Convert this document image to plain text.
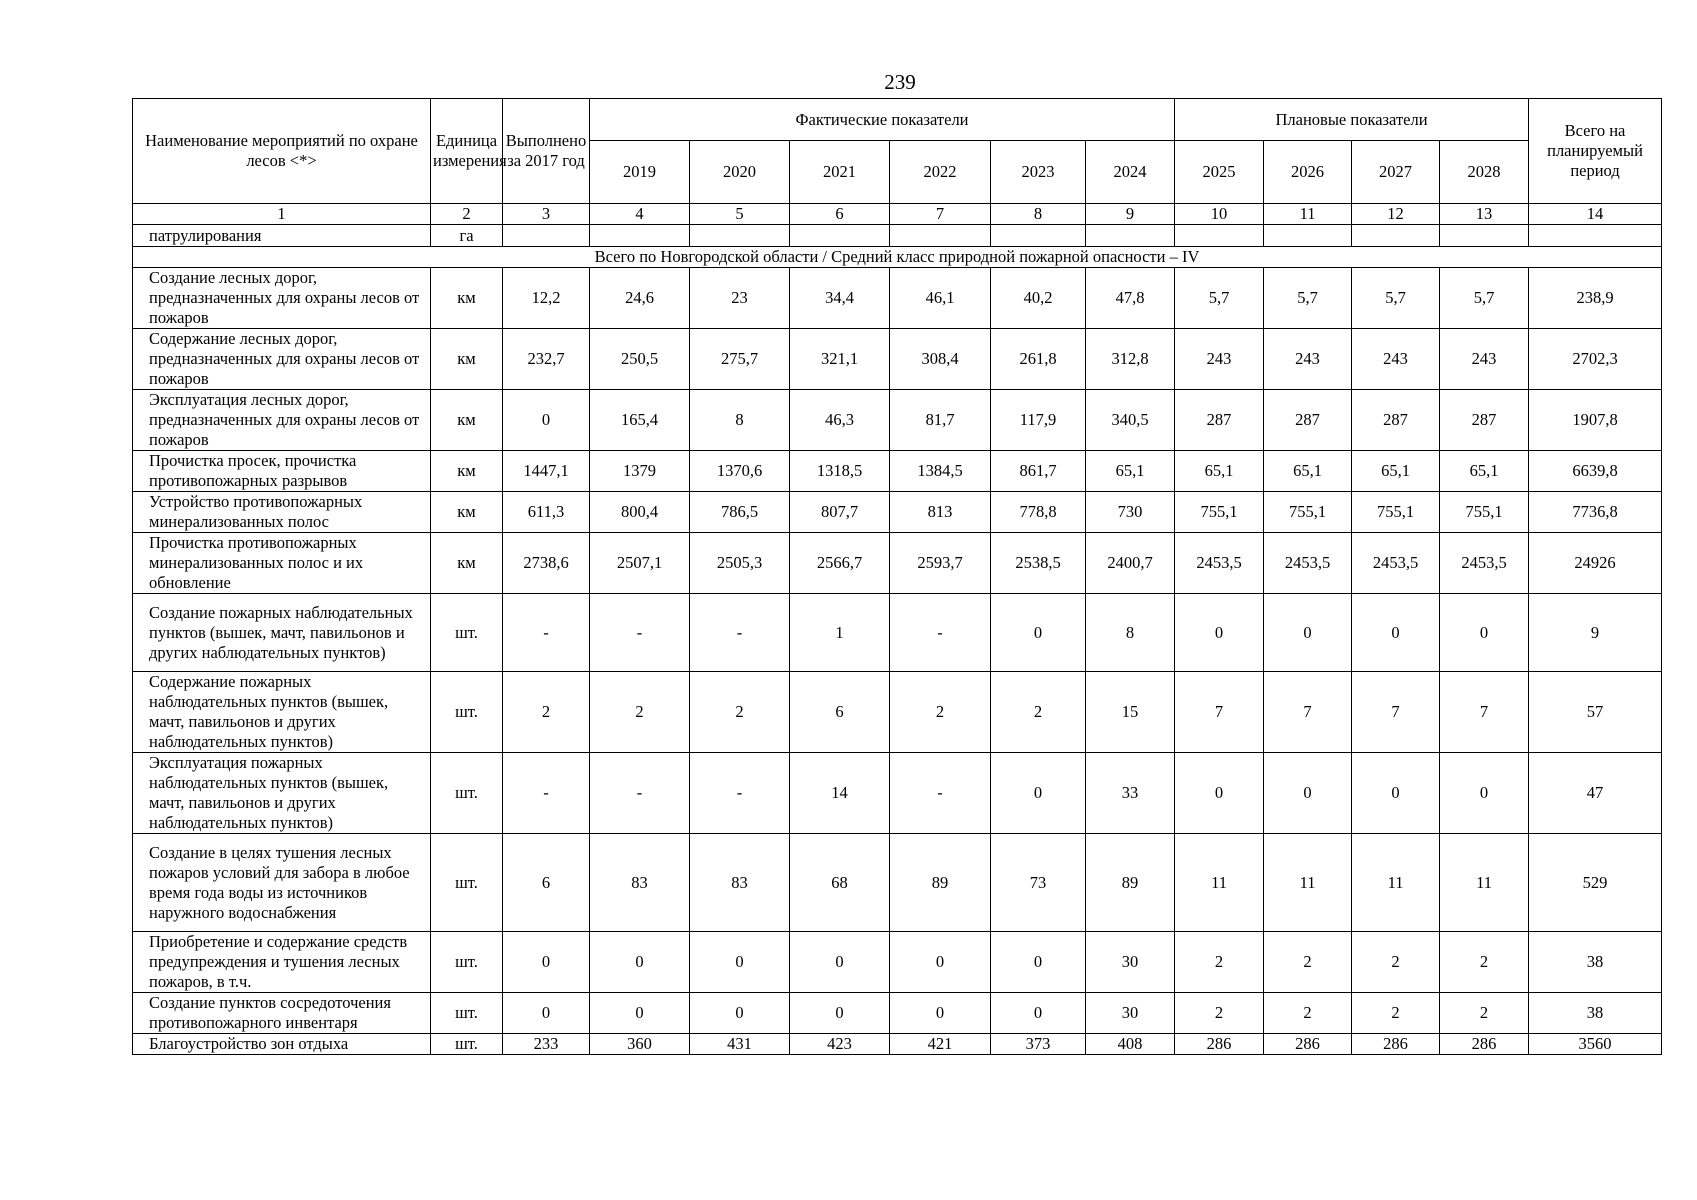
239
Наименование мероприятий по охране лесов <*>	Единица измерения	Выполнено за 2017 год	Фактические показатели						Плановые показатели				Всего на планируемый период
			2019	2020	2021	2022	2023	2024	2025	2026	2027	2028	
1	2	3	4	5	6	7	8	9	10	11	12	13	14
патрулирования	га												
Всего по Новгородской области / Средний класс природной пожарной опасности – IV													
Создание лесных дорог, предназначенных для охраны лесов от пожаров	км	12,2	24,6	23	34,4	46,1	40,2	47,8	5,7	5,7	5,7	5,7	238,9
Содержание лесных дорог, предназначенных для охраны лесов от пожаров	км	232,7	250,5	275,7	321,1	308,4	261,8	312,8	243	243	243	243	2702,3
Эксплуатация лесных дорог, предназначенных для охраны лесов от пожаров	км	0	165,4	8	46,3	81,7	117,9	340,5	287	287	287	287	1907,8
Прочистка просек, прочистка противопожарных разрывов	км	1447,1	1379	1370,6	1318,5	1384,5	861,7	65,1	65,1	65,1	65,1	65,1	6639,8
Устройство противопожарных минерализованных полос	км	611,3	800,4	786,5	807,7	813	778,8	730	755,1	755,1	755,1	755,1	7736,8
Прочистка противопожарных минерализованных полос и их обновление	км	2738,6	2507,1	2505,3	2566,7	2593,7	2538,5	2400,7	2453,5	2453,5	2453,5	2453,5	24926
Создание пожарных наблюдательных пунктов (вышек, мачт, павильонов и других наблюдательных пунктов)	шт.	-	-	-	1	-	0	8	0	0	0	0	9
Содержание пожарных наблюдательных пунктов (вышек, мачт, павильонов и других наблюдательных пунктов)	шт.	2	2	2	6	2	2	15	7	7	7	7	57
Эксплуатация пожарных наблюдательных пунктов (вышек, мачт, павильонов и других наблюдательных пунктов)	шт.	-	-	-	14	-	0	33	0	0	0	0	47
Создание в целях тушения лесных пожаров условий для забора в любое время года воды из источников наружного водоснабжения	шт.	6	83	83	68	89	73	89	11	11	11	11	529
Приобретение и содержание средств предупреждения и тушения лесных пожаров, в т.ч.	шт.	0	0	0	0	0	0	30	2	2	2	2	38
Создание пунктов сосредоточения противопожарного инвентаря	шт.	0	0	0	0	0	0	30	2	2	2	2	38
Благоустройство зон отдыха	шт.	233	360	431	423	421	373	408	286	286	286	286	3560
